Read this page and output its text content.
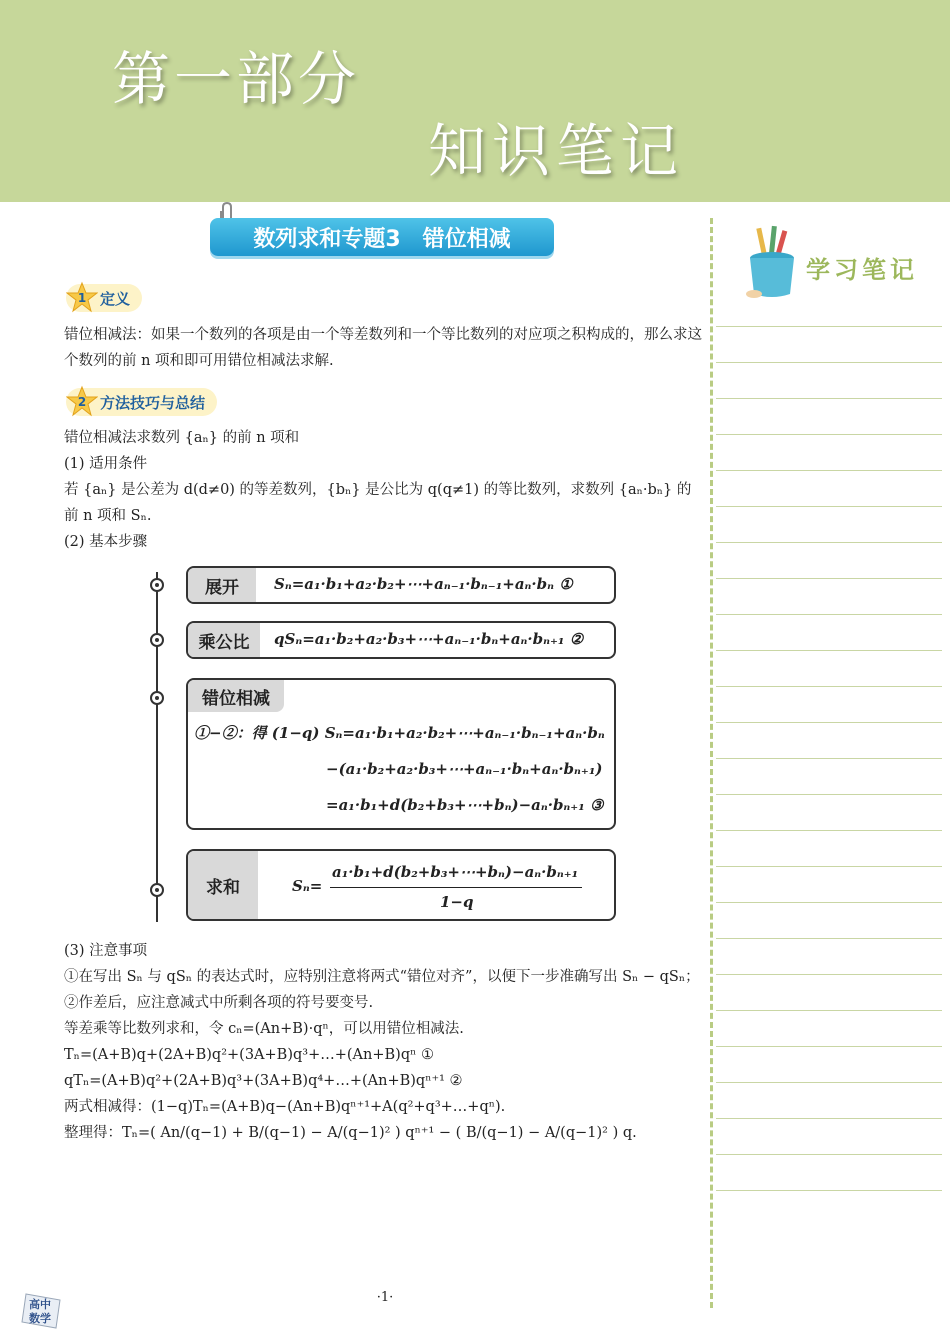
第一部分
知识笔记
数列求和专题3 错位相减
1 定义
错位相减法：如果一个数列的各项是由一个等差数列和一个等比数列的对应项之积构成的，那么求这个数列的前 n 项和即可用错位相减法求解.
2 方法技巧与总结
错位相减法求数列 {aₙ} 的前 n 项和
(1) 适用条件
若 {aₙ} 是公差为 d(d≠0) 的等差数列，{bₙ} 是公比为 q(q≠1) 的等比数列，求数列 {aₙ·bₙ} 的前 n 项和 Sₙ.
(2) 基本步骤
展开	Sₙ=a₁·b₁+a₂·b₂+⋯+aₙ₋₁·bₙ₋₁+aₙ·bₙ ①
乘公比	qSₙ=a₁·b₂+a₂·b₃+⋯+aₙ₋₁·bₙ+aₙ·bₙ₊₁ ②
错位相减
①−②：得 (1−q) Sₙ=a₁·b₁+a₂·b₂+⋯+aₙ₋₁·bₙ₋₁+aₙ·bₙ
−(a₁·b₂+a₂·b₃+⋯+aₙ₋₁·bₙ+aₙ·bₙ₊₁)
=a₁·b₁+d(b₂+b₃+⋯+bₙ)−aₙ·bₙ₊₁ ③
求和	Sₙ=
a₁·b₁+d(b₂+b₃+⋯+bₙ)−aₙ·bₙ₊₁
1−q
(3) 注意事项
①在写出 Sₙ 与 qSₙ 的表达式时，应特别注意将两式“错位对齐”，以便下一步准确写出 Sₙ − qSₙ；
②作差后，应注意减式中所剩各项的符号要变号.
等差乘等比数列求和，令 cₙ=(An+B)·qⁿ，可以用错位相减法.
Tₙ=(A+B)q+(2A+B)q²+(3A+B)q³+…+(An+B)qⁿ ①
qTₙ=(A+B)q²+(2A+B)q³+(3A+B)q⁴+…+(An+B)qⁿ⁺¹ ②
两式相减得：(1−q)Tₙ=(A+B)q−(An+B)qⁿ⁺¹+A(q²+q³+…+qⁿ).
整理得：Tₙ=( An/(q−1) + B/(q−1) − A/(q−1)² ) qⁿ⁺¹ − ( B/(q−1) − A/(q−1)² ) q.
学习笔记
·1·
高中
数学
